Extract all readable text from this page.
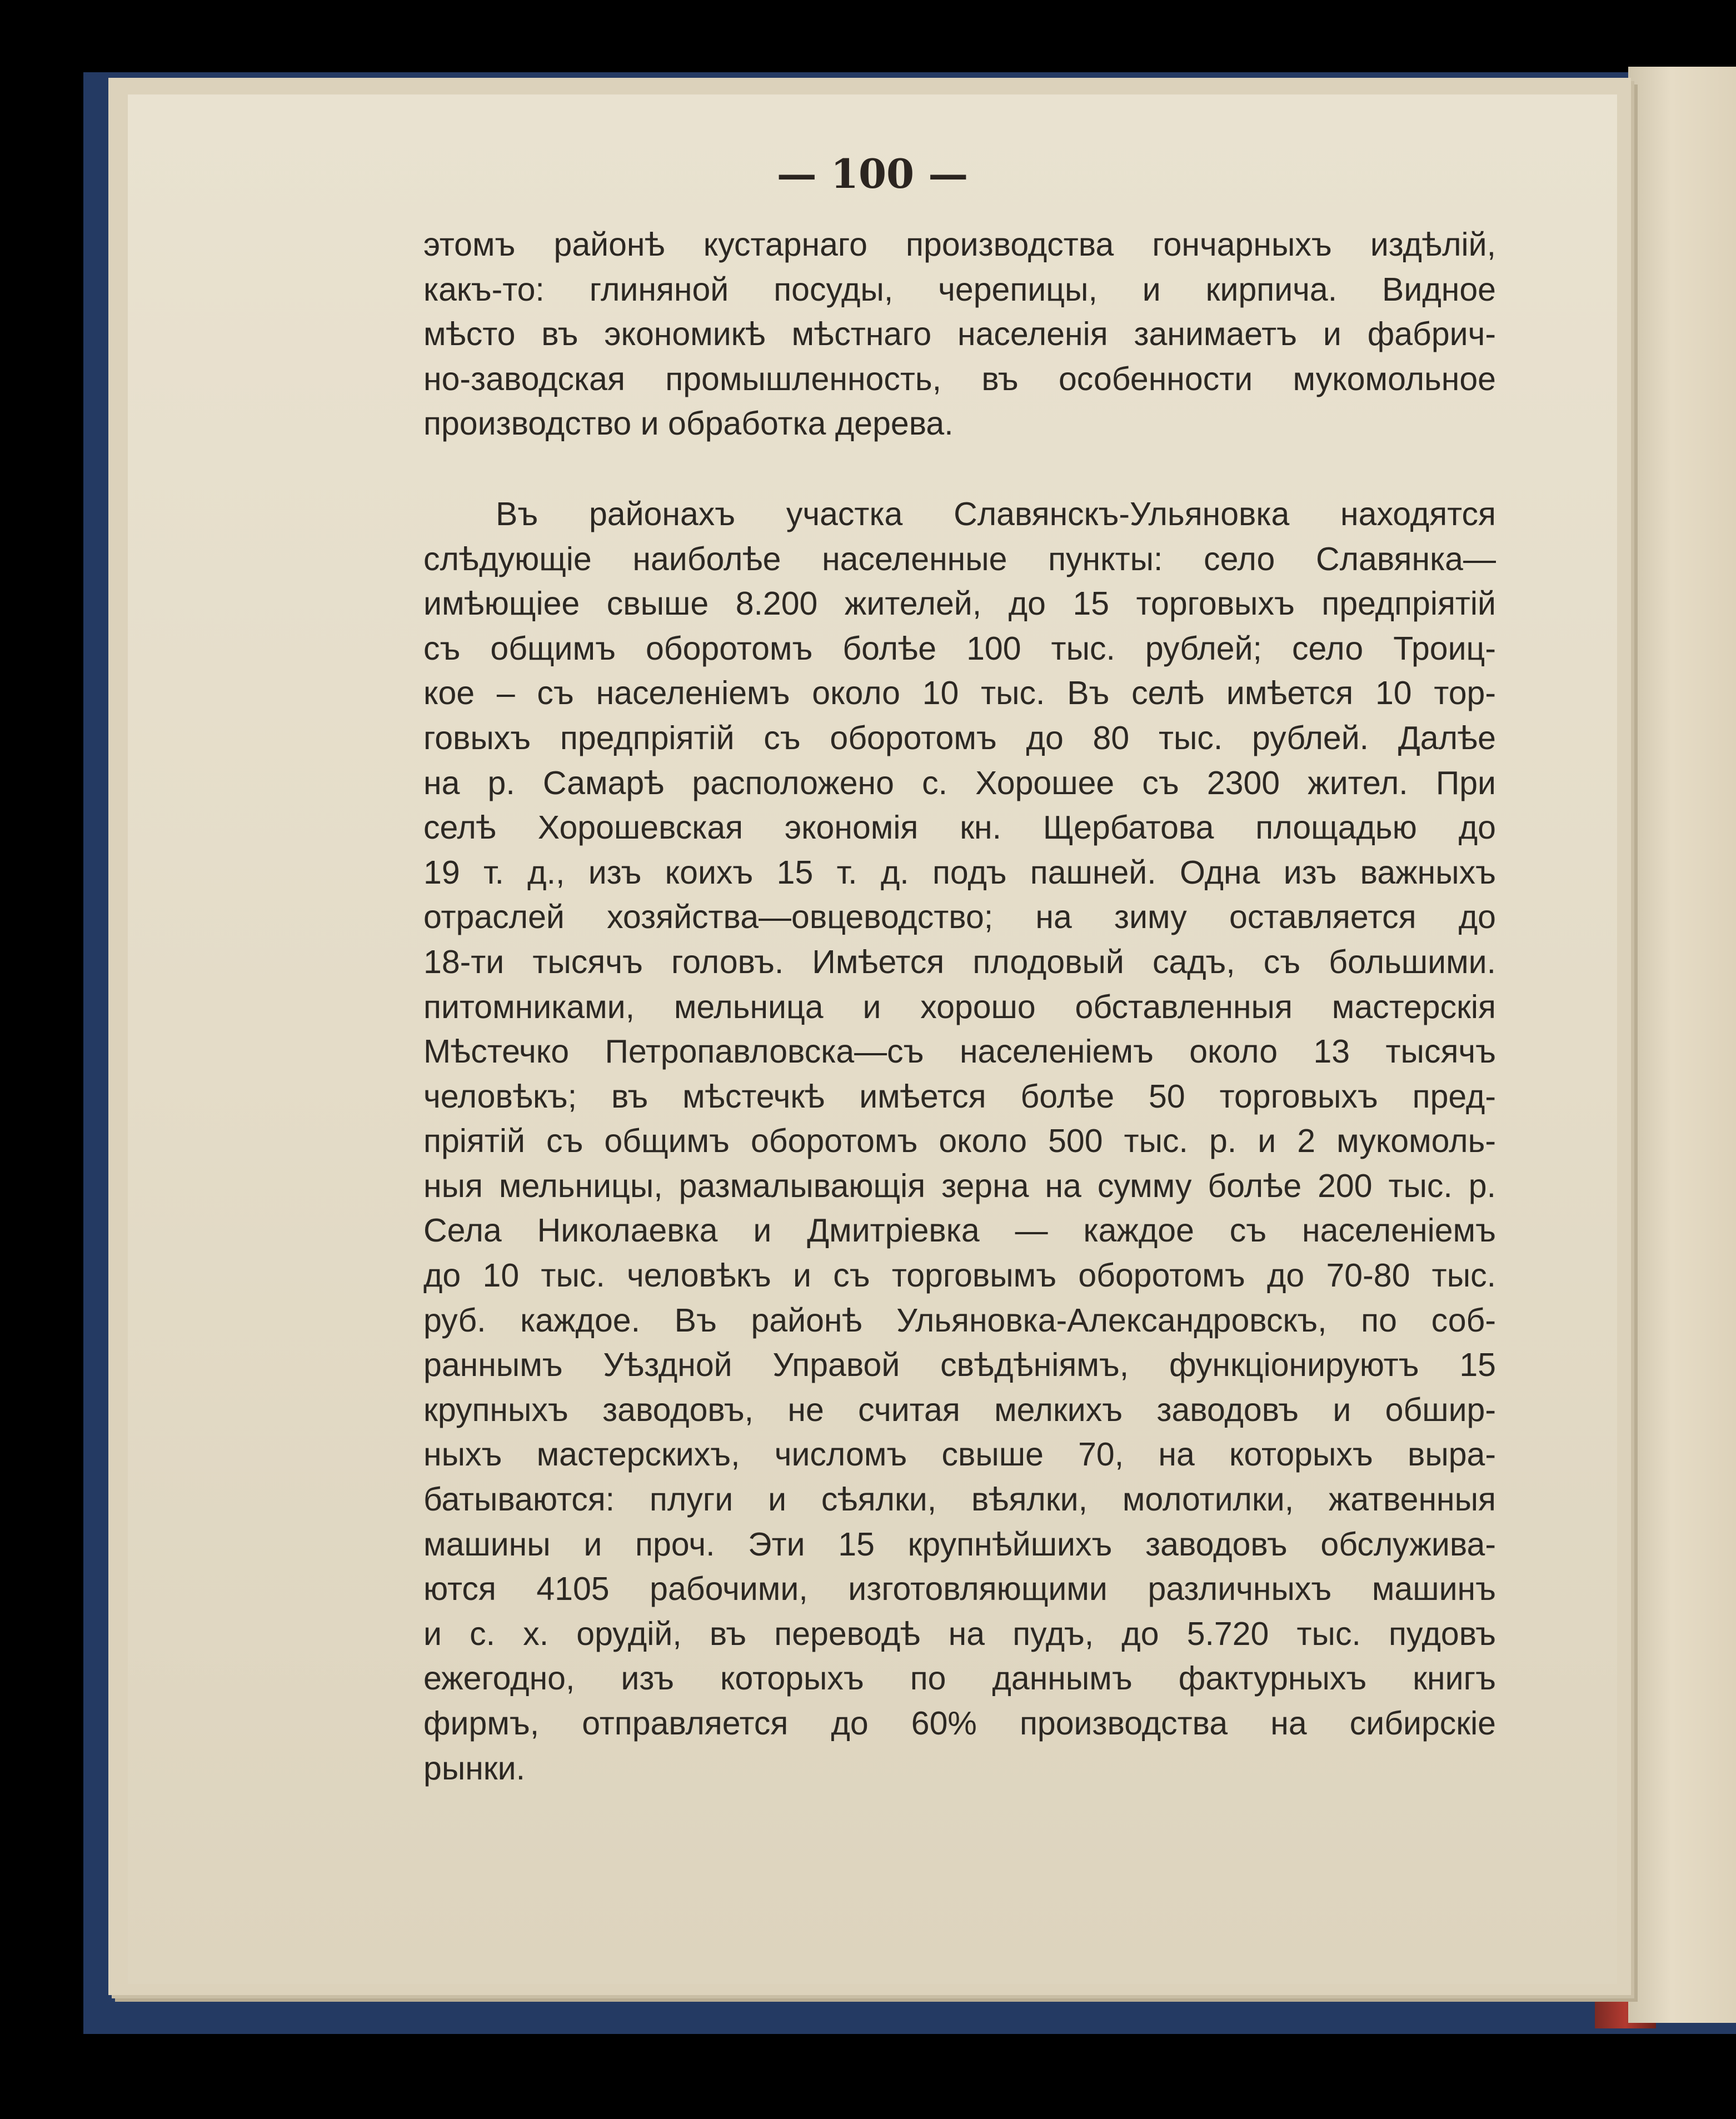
— 100 —
этомъ районѣ кустарнаго производства гончарныхъ издѣлій,
какъ-то: глиняной посуды, черепицы, и кирпича. Видное
мѣсто въ экономикѣ мѣстнаго населенія занимаетъ и фабрич-
но-заводская промышленность, въ особенности мукомольное
производство и обработка дерева.
Въ районахъ участка Славянскъ-Ульяновка находятся
слѣдующіе наиболѣе населенные пункты: село Славянка—
имѣющіее свыше 8.200 жителей, до 15 торговыхъ предпріятій
съ общимъ оборотомъ болѣе 100 тыс. рублей; село Троиц-
кое – съ населеніемъ около 10 тыс. Въ селѣ имѣется 10 тор-
говыхъ предпріятій съ оборотомъ до 80 тыс. рублей. Далѣе
на р. Самарѣ расположено с. Хорошее съ 2300 жител. При
селѣ Хорошевская экономія кн. Щербатова площадью до
19 т. д., изъ коихъ 15 т. д. подъ пашней. Одна изъ важныхъ
отраслей хозяйства—овцеводство; на зиму оставляется до
18-ти тысячъ головъ. Имѣется плодовый садъ, съ большими.
питомниками, мельница и хорошо обставленныя мастерскія
Мѣстечко Петропавловска—съ населеніемъ около 13 тысячъ
человѣкъ; въ мѣстечкѣ имѣется болѣе 50 торговыхъ пред-
пріятій съ общимъ оборотомъ около 500 тыс. р. и 2 мукомоль-
ныя мельницы, размалывающія зерна на сумму болѣе 200 тыс. р.
Села Николаевка и Дмитріевка — каждое съ населеніемъ
до 10 тыс. человѣкъ и съ торговымъ оборотомъ до 70-80 тыс.
руб. каждое. Въ районѣ Ульяновка-Александровскъ, по соб-
раннымъ Уѣздной Управой свѣдѣніямъ, функціонируютъ 15
крупныхъ заводовъ, не считая мелкихъ заводовъ и обшир-
ныхъ мастерскихъ, числомъ свыше 70, на которыхъ выра-
батываются: плуги и сѣялки, вѣялки, молотилки, жатвенныя
машины и проч. Эти 15 крупнѣйшихъ заводовъ обслужива-
ются 4105 рабочими, изготовляющими различныхъ машинъ
и с. х. орудій, въ переводѣ на пудъ, до 5.720 тыс. пудовъ
ежегодно, изъ которыхъ по даннымъ фактурныхъ книгъ
фирмъ, отправляется до 60% производства на сибирскіе
рынки.
